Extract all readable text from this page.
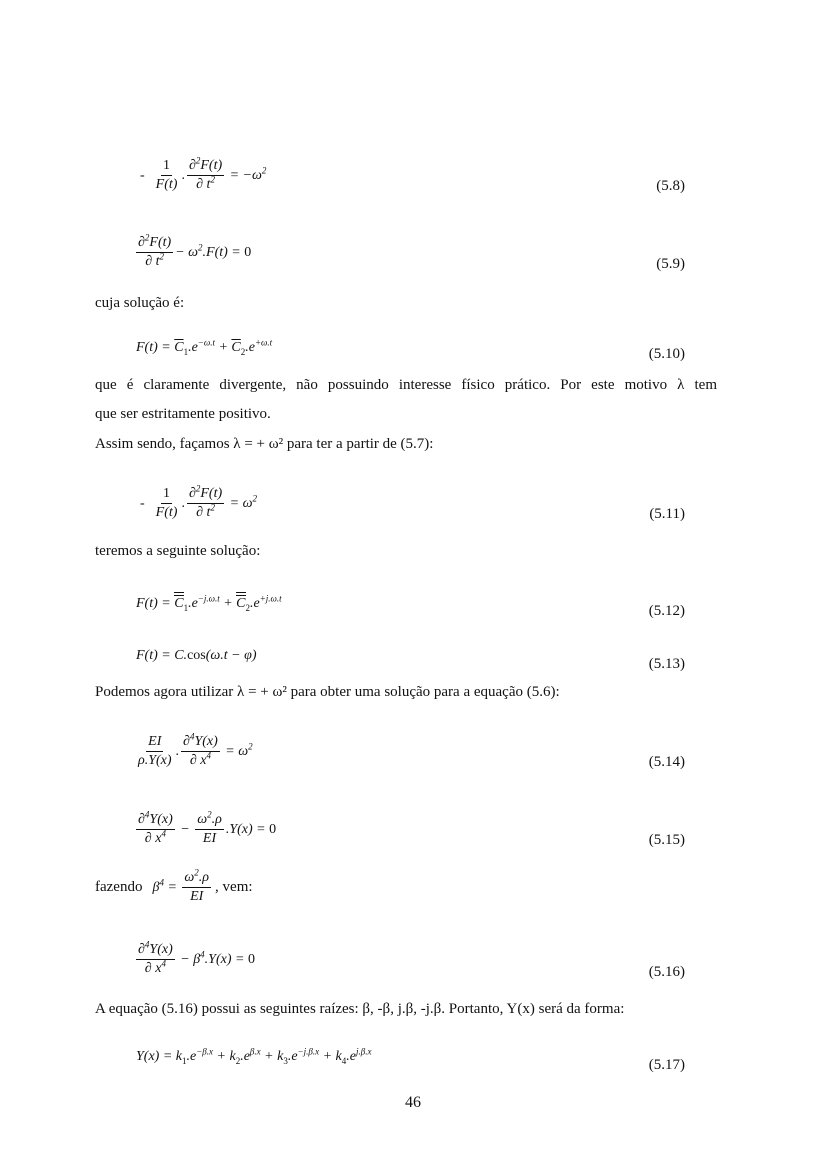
- $\frac{1}{F(t)}$ . $\frac{\partial^2F(t)}{\partial t^2} = -\omega^2$
(5.8)
$\frac{\partial^2F(t)}{\partial t^2} - \omega^2.F(t) = 0$
(5.9)
cuja solução é:
$F(t) = \overline{C}_1.e^{-\omega.t} + \overline{C}_2.e^{+\omega.t}$
(5.10)
que é claramente divergente, não possuindo interesse físico prático. Por este motivo λ tem
que ser estritamente positivo.
Assim sendo, façamos λ = + ω² para ter a partir de (5.7):
- $\frac{1}{F(t)}$ . $\frac{\partial^2F(t)}{\partial t^2} = \omega^2$
(5.11)
teremos a seguinte solução:
$F(t) = C_1.e^{-j.\omega.t} + C_2.e^{+j.\omega.t}$
(5.12)
F(t) = C.cos(ω.t − φ)
(5.13)
Podemos agora utilizar λ = + ω² para obter uma solução para a equação (5.6):
$\frac{EI}{\rho.Y(x)}$ . $\frac{\partial^4Y(x)}{\partial x^4} = \omega^2$
(5.14)
$\frac{\partial^4Y(x)}{\partial x^4} - \frac{\omega^2.\rho}{EI} .Y(x) = 0$
(5.15)
fazendo $\beta^4 = \frac{\omega^2.\rho}{EI}$ , vem:
$\frac{\partial^4Y(x)}{\partial x^4} - \beta^4.Y(x) = 0$
(5.16)
A equação (5.16) possui as seguintes raízes: β, -β, j.β, -j.β. Portanto, Y(x) será da forma:
$Y(x) = k_1.e^{-\beta.x} + k_2.e^{\beta.x} + k_3.e^{-j.\beta.x} + k_4.e^{j.\beta.x}$
(5.17)
46
